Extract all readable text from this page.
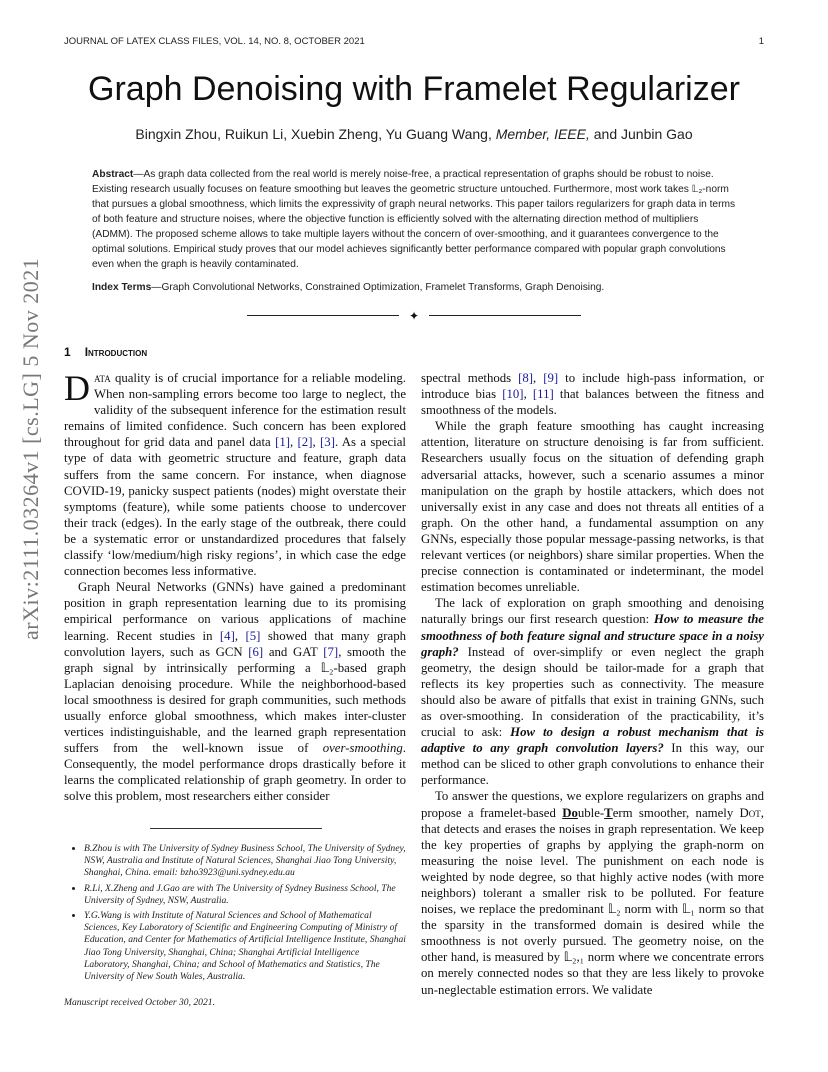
JOURNAL OF LATEX CLASS FILES, VOL. 14, NO. 8, OCTOBER 2021	1
Graph Denoising with Framelet Regularizer
Bingxin Zhou, Ruikun Li, Xuebin Zheng, Yu Guang Wang, Member, IEEE, and Junbin Gao
Abstract—As graph data collected from the real world is merely noise-free, a practical representation of graphs should be robust to noise. Existing research usually focuses on feature smoothing but leaves the geometric structure untouched. Furthermore, most work takes 𝕃₂-norm that pursues a global smoothness, which limits the expressivity of graph neural networks. This paper tailors regularizers for graph data in terms of both feature and structure noises, where the objective function is efficiently solved with the alternating direction method of multipliers (ADMM). The proposed scheme allows to take multiple layers without the concern of over-smoothing, and it guarantees convergence to the optimal solutions. Empirical study proves that our model achieves significantly better performance compared with popular graph convolutions even when the graph is heavily contaminated.
Index Terms—Graph Convolutional Networks, Constrained Optimization, Framelet Transforms, Graph Denoising.
✦
arXiv:2111.03264v1 [cs.LG] 5 Nov 2021 1 Introduction

Data quality is of crucial importance for a reliable modeling. When non-sampling errors become too large to neglect, the validity of the subsequent inference for the estimation result remains of limited confidence. Such concern has been explored throughout for grid data and panel data [1], [2], [3]. As a special type of data with geometric structure and feature, graph data suffers from the same concern. For instance, when diagnose COVID-19, panicky suspect patients (nodes) might overstate their symptoms (feature), while some patients choose to undercover their track (edges). In the early stage of the outbreak, there could be a systematic error or unstandardized procedures that falsely classify ‘low/medium/high risky regions’, in which case the edge connection becomes less informative.

Graph Neural Networks (GNNs) have gained a predominant position in graph representation learning due to its promising empirical performance on various applications of machine learning. Recent studies in [4], [5] showed that many graph convolution layers, such as GCN [6] and GAT [7], smooth the graph signal by intrinsically performing a 𝕃₂-based graph Laplacian denoising procedure. While the neighborhood-based local smoothness is desired for graph communities, such methods usually enforce global smoothness, which makes inter-cluster vertices indistinguishable, and the learned graph representation suffers from the well-known issue of over-smoothing. Consequently, the model performance drops drastically before it learns the complicated relationship of graph geometry. In order to solve this problem, most researchers either consider

spectral methods [8], [9] to include high-pass information, or introduce bias [10], [11] that balances between the fitness and smoothness of the models.

While the graph feature smoothing has caught increasing attention, literature on structure denoising is far from sufficient. Researchers usually focus on the situation of defending graph adversarial attacks, however, such a scenario assumes a minor manipulation on the graph by hostile attackers, which does not universally exist in any case and does not threats all entities of a graph. On the other hand, a fundamental assumption on any GNNs, especially those popular message-passing networks, is that relevant vertices (or neighbors) share similar properties. When the precise connection is contaminated or indeterminant, the model estimation becomes unreliable.

The lack of exploration on graph smoothing and denoising naturally brings our first research question: How to measure the smoothness of both feature signal and structure space in a noisy graph? Instead of over-simplify or even neglect the graph geometry, the design should be tailor-made for a graph that reflects its key properties such as connectivity. The measure should also be aware of pitfalls that exist in training GNNs, such as over-smoothing. In consideration of the practicability, it’s crucial to ask: How to design a robust mechanism that is adaptive to any graph convolution layers? In this way, our method can be sliced to other graph convolutions to enhance their performance.

To answer the questions, we explore regularizers on graphs and propose a framelet-based Double-Term smoother, namely Dot, that detects and erases the noises in graph representation. We keep the key properties of graphs by applying the graph-norm on measuring the noise level. The punishment on each node is weighted by node degree, so that highly active nodes (with more neighbors) tolerant a smaller risk to be polluted. For feature noises, we replace the predominant 𝕃₂ norm with 𝕃₁ norm so that the sparsity in the transformed domain is desired while the smoothness is not overly pursued. The geometry noise, on the other hand, is measured by 𝕃₂,₁ norm where we concentrate errors on merely connected nodes so that they are less likely to provoke un-neglectable estimation errors. We validate

• B.Zhou is with The University of Sydney Business School, The University of Sydney, NSW, Australia and Institute of Natural Sciences, Shanghai Jiao Tong University, Shanghai, China. email: bzho3923@uni.sydney.edu.au
• R.Li, X.Zheng and J.Gao are with The University of Sydney Business School, The University of Sydney, NSW, Australia.
• Y.G.Wang is with Institute of Natural Sciences and School of Mathematical Sciences, Key Laboratory of Scientific and Engineering Computing of Ministry of Education, and Center for Mathematics of Artificial Intelligence Institute, Shanghai Jiao Tong University, Shanghai, China; Shanghai Artificial Intelligence Laboratory, Shanghai, China; and School of Mathematics and Statistics, The University of New South Wales, Australia.
Manuscript received October 30, 2021.
